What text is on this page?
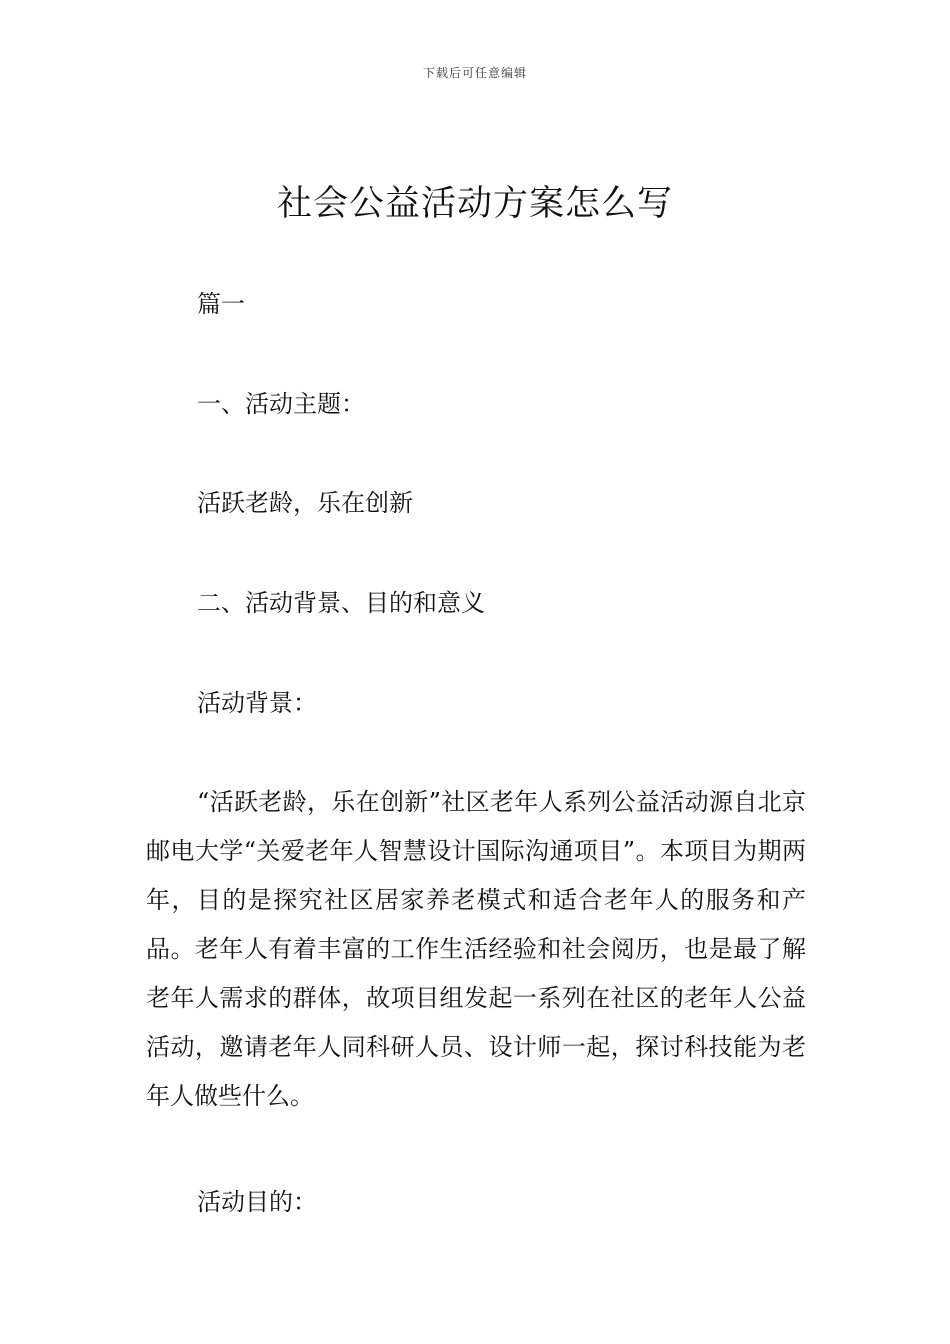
下载后可任意编辑
社会公益活动方案怎么写
篇一
一、活动主题：
活跃老龄，乐在创新
二、活动背景、目的和意义
活动背景：

“活跃老龄，乐在创新”社区老年人系列公益活动源自北京邮电大学“关爱老年人智慧设计国际沟通项目”。本项目为期两年，目的是探究社区居家养老模式和适合老年人的服务和产品。老年人有着丰富的工作生活经验和社会阅历，也是最了解老年人需求的群体，故项目组发起一系列在社区的老年人公益活动，邀请老年人同科研人员、设计师一起，探讨科技能为老年人做些什么。

活动目的：
